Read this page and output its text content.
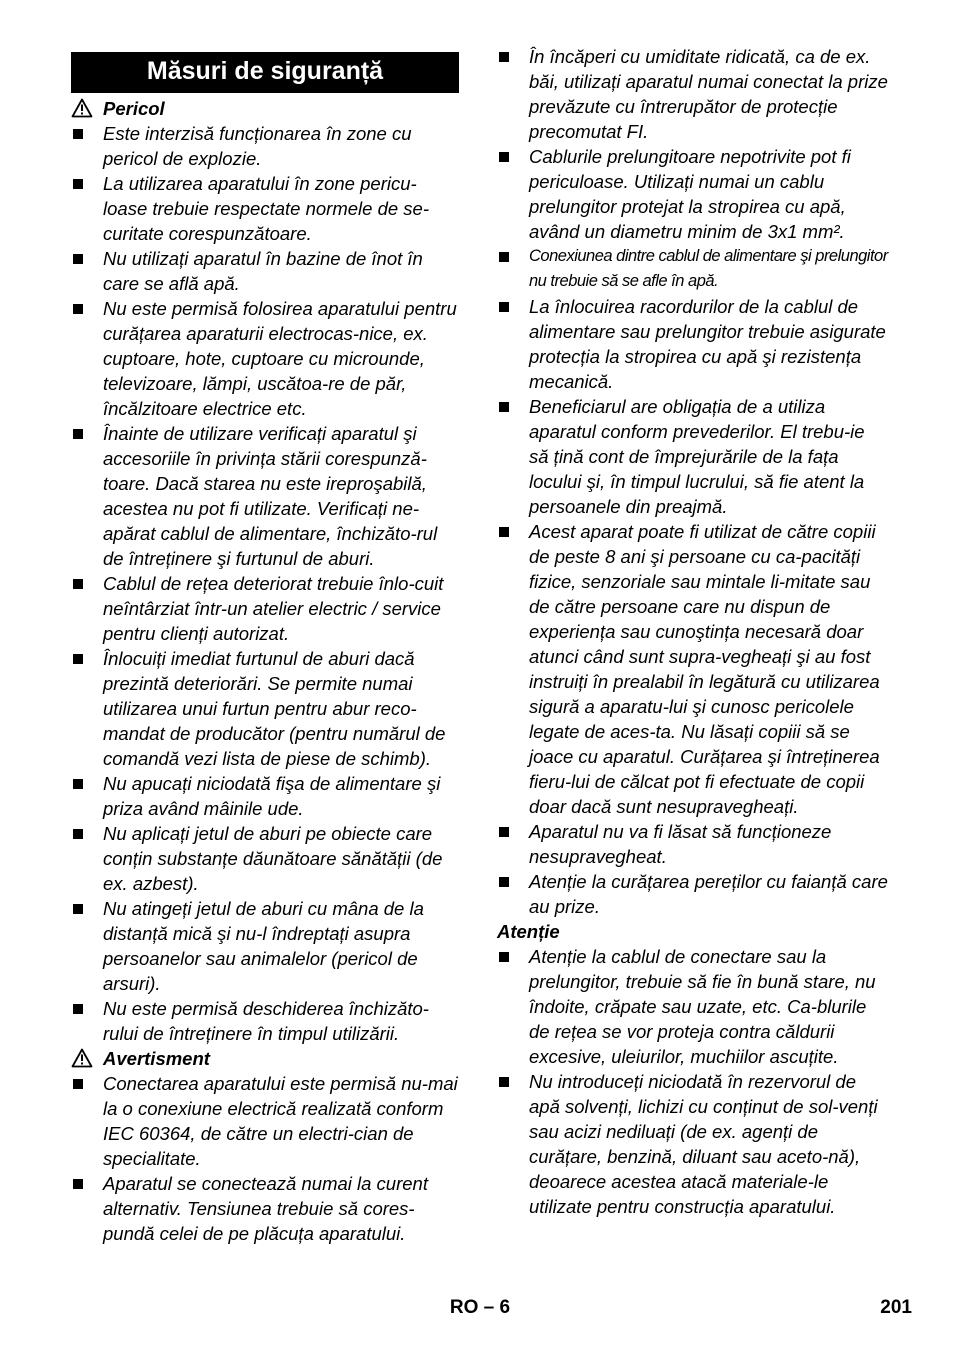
Măsuri de siguranță
Pericol
Este interzisă funcționarea în zone cu pericol de explozie.
La utilizarea aparatului în zone pericu-loase trebuie respectate normele de se-curitate corespunzătoare.
Nu utilizați aparatul în bazine de înot în care se află apă.
Nu este permisă folosirea aparatului pentru curățarea aparaturii electrocas-nice, ex. cuptoare, hote, cuptoare cu microunde, televizoare, lămpi, uscătoa-re de păr, încălzitoare electrice etc.
Înainte de utilizare verificați aparatul şi accesoriile în privința stării corespunză-toare. Dacă starea nu este ireproşabilă, acestea nu pot fi utilizate. Verificați ne-apărat cablul de alimentare, închizăto-rul de întreținere şi furtunul de aburi.
Cablul de rețea deteriorat trebuie înlo-cuit neîntârziat într-un atelier electric / service pentru clienți autorizat.
Înlocuiți imediat furtunul de aburi dacă prezintă deteriorări. Se permite numai utilizarea unui furtun pentru abur reco-mandat de producător (pentru numărul de comandă vezi lista de piese de schimb).
Nu apucați niciodată fişa de alimentare şi priza având mâinile ude.
Nu aplicați jetul de aburi pe obiecte care conțin substanțe dăunătoare sănătății (de ex. azbest).
Nu atingeți jetul de aburi cu mâna de la distanță mică şi nu-l îndreptați asupra persoanelor sau animalelor (pericol de arsuri).
Nu este permisă deschiderea închizăto-rului de întreținere în timpul utilizării.
Avertisment
Conectarea aparatului este permisă nu-mai la o conexiune electrică realizată conform IEC 60364, de către un electri-cian de specialitate.
Aparatul se conectează numai la curent alternativ. Tensiunea trebuie să cores-pundă celei de pe plăcuța aparatului.
În încăperi cu umiditate ridicată, ca de ex. băi, utilizați aparatul numai conectat la prize prevăzute cu întrerupător de protecție precomutat FI.
Cablurile prelungitoare nepotrivite pot fi periculoase. Utilizați numai un cablu prelungitor protejat la stropirea cu apă, având un diametru minim de 3x1 mm².
Conexiunea dintre cablul de alimentare şi prelungitor nu trebuie să se afle în apă.
La înlocuirea racordurilor de la cablul de alimentare sau prelungitor trebuie asigurate protecția la stropirea cu apă şi rezistența mecanică.
Beneficiarul are obligația de a utiliza aparatul conform prevederilor. El trebu-ie să țină cont de împrejurările de la fața locului şi, în timpul lucrului, să fie atent la persoanele din preajmă.
Acest aparat poate fi utilizat de către copiii de peste 8 ani şi persoane cu ca-pacități fizice, senzoriale sau mintale li-mitate sau de către persoane care nu dispun de experiența sau cunoştința necesară doar atunci când sunt supra-vegheați şi au fost instruiți în prealabil în legătură cu utilizarea sigură a aparatu-lui şi cunosc pericolele legate de aces-ta. Nu lăsați copiii să se joace cu aparatul. Curățarea şi întreținerea fieru-lui de călcat pot fi efectuate de copii doar dacă sunt nesupravegheați.
Aparatul nu va fi lăsat să funcționeze nesupravegheat.
Atenție la curățarea pereților cu faianță care au prize.
Atenție
Atenție la cablul de conectare sau la prelungitor, trebuie să fie în bună stare, nu îndoite, crăpate sau uzate, etc. Ca-blurile de rețea se vor proteja contra căldurii excesive, uleiurilor, muchiilor ascuțite.
Nu introduceți niciodată în rezervorul de apă solvenți, lichizi cu conținut de sol-venți sau acizi nediluați (de ex. agenți de curățare, benzină, diluant sau aceto-nă), deoarece acestea atacă materiale-le utilizate pentru construcția aparatului.
RO – 6	201
